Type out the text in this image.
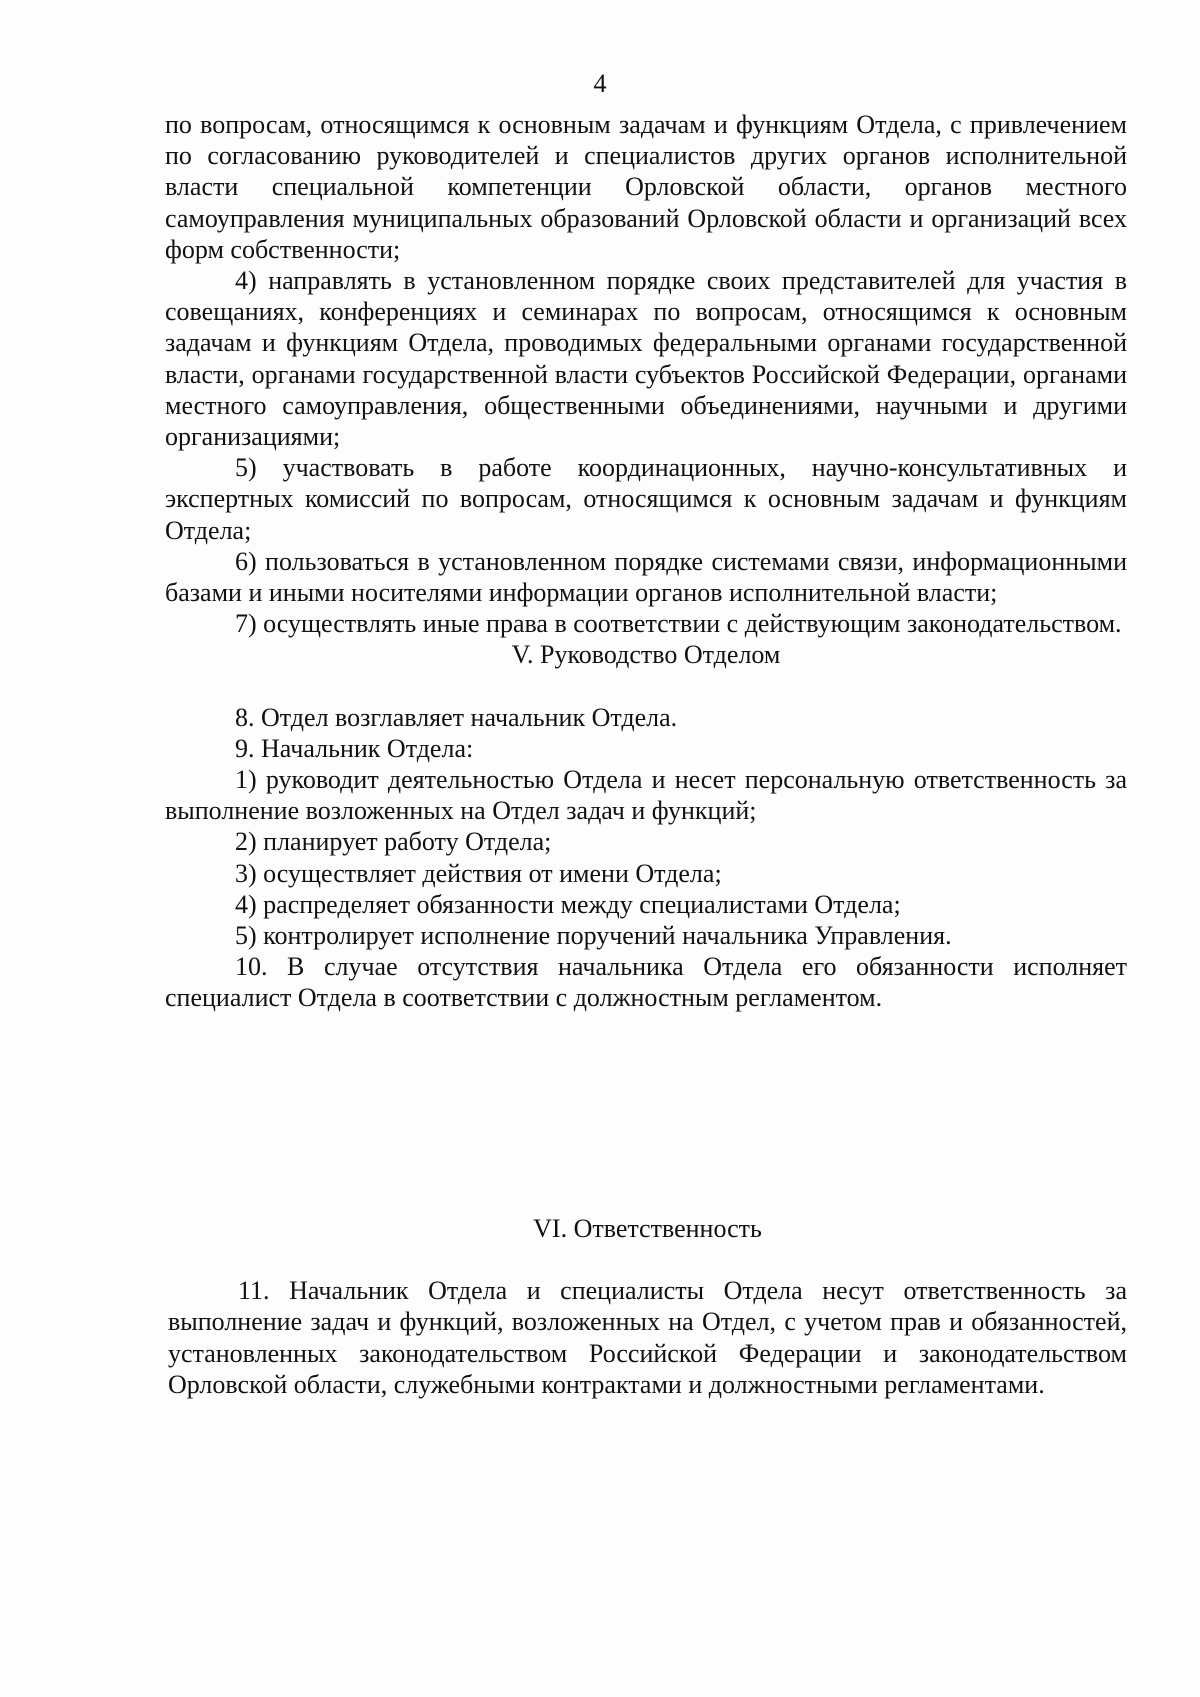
4

по вопросам, относящимся к основным задачам и функциям Отдела, с привлечением по согласованию руководителей и специалистов других органов исполнительной власти специальной компетенции Орловской области, органов местного самоуправления муниципальных образований Орловской области и организаций всех форм собственности;

4) направлять в установленном порядке своих представителей для участия в совещаниях, конференциях и семинарах по вопросам, относящимся к основным задачам и функциям Отдела, проводимых федеральными органами государственной власти, органами государственной власти субъектов Российской Федерации, органами местного самоуправления, общественными объединениями, научными и другими организациями;

5) участвовать в работе координационных, научно-консультативных и экспертных комиссий по вопросам, относящимся к основным задачам и функциям Отдела;

6) пользоваться в установленном порядке системами связи, информационными базами и иными носителями информации органов исполнительной власти;

7) осуществлять иные права в соответствии с действующим законодательством.

V. Руководство Отделом

8. Отдел возглавляет начальник Отдела.

9. Начальник Отдела:

1) руководит деятельностью Отдела и несет персональную ответственность за выполнение возложенных на Отдел задач и функций;

2) планирует работу Отдела;

3) осуществляет действия от имени Отдела;

4) распределяет обязанности между специалистами Отдела;

5) контролирует исполнение поручений начальника Управления.

10. В случае отсутствия начальника Отдела его обязанности исполняет специалист Отдела в соответствии с должностным регламентом.

VI. Ответственность

11. Начальник Отдела и специалисты Отдела несут ответственность за выполнение задач и функций, возложенных на Отдел, с учетом прав и обязанностей, установленных законодательством Российской Федерации и законодательством Орловской области, служебными контрактами и должностными регламентами.
